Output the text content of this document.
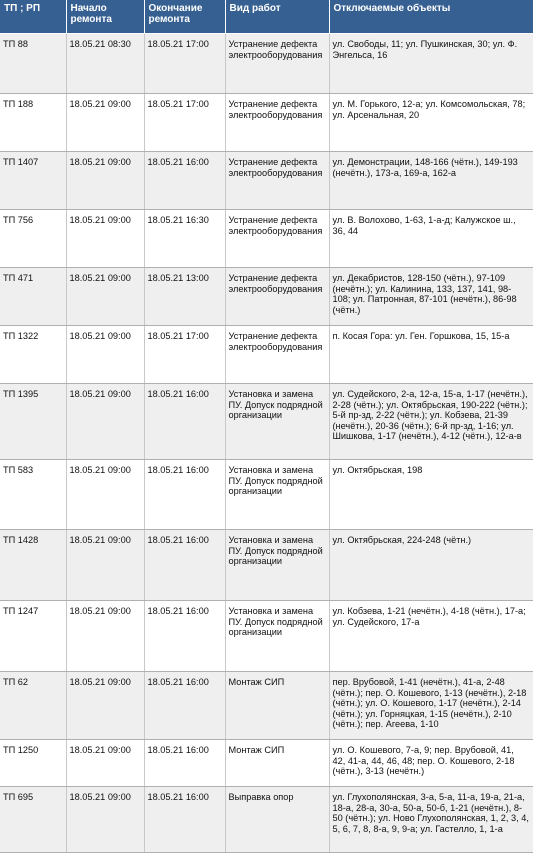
ТП ; РП	Начало ремонта	Окончание ремонта	Вид работ	Отключаемые объекты
ТП 88	18.05.21 08:30	18.05.21 17:00	Устранение дефекта электрооборудования	ул. Свободы, 11; ул. Пушкинская, 30; ул. Ф. Энгельса, 16
ТП 188	18.05.21 09:00	18.05.21 17:00	Устранение дефекта электрооборудования	ул. М. Горького, 12-а; ул. Комсомольская, 78; ул. Арсенальная, 20
ТП 1407	18.05.21 09:00	18.05.21 16:00	Устранение дефекта электрооборудования	ул. Демонстрации, 148-166 (чётн.), 149-193 (нечётн.), 173-а, 169-а, 162-а
ТП 756	18.05.21 09:00	18.05.21 16:30	Устранение дефекта электрооборудования	ул. В. Волохово, 1-63, 1-а-д; Калужское ш., 36, 44
ТП 471	18.05.21 09:00	18.05.21 13:00	Устранение дефекта электрооборудования	ул. Декабристов, 128-150 (чётн.), 97-109 (нечётн.); ул. Калинина, 133, 137, 141, 98-108; ул. Патронная, 87-101 (нечётн.), 86-98 (чётн.)
ТП 1322	18.05.21 09:00	18.05.21 17:00	Устранение дефекта электрооборудования	п. Косая Гора: ул. Ген. Горшкова, 15, 15-а
ТП 1395	18.05.21 09:00	18.05.21 16:00	Установка и замена ПУ. Допуск подрядной организации	ул. Судейского, 2-а, 12-а, 15-а, 1-17 (нечётн.), 2-28 (чётн.); ул. Октябрьская, 190-222 (чётн.); 5-й пр-зд, 2-22 (чётн.); ул. Кобзева, 21-39 (нечётн.), 20-36 (чётн.); 6-й пр-зд, 1-16; ул. Шишкова, 1-17 (нечётн.), 4-12 (чётн.), 12-а-в
ТП 583	18.05.21 09:00	18.05.21 16:00	Установка и замена ПУ. Допуск подрядной организации	ул. Октябрьская, 198
ТП 1428	18.05.21 09:00	18.05.21 16:00	Установка и замена ПУ. Допуск подрядной организации	ул. Октябрьская, 224-248 (чётн.)
ТП 1247	18.05.21 09:00	18.05.21 16:00	Установка и замена ПУ. Допуск подрядной организации	ул. Кобзева, 1-21 (нечётн.), 4-18 (чётн.), 17-а; ул. Судейского, 17-а
ТП 62	18.05.21 09:00	18.05.21 16:00	Монтаж СИП	пер. Врубовой, 1-41 (нечётн.), 41-а, 2-48 (чётн.); пер. О. Кошевого, 1-13 (нечётн.), 2-18 (чётн.); ул. О. Кошевого, 1-17 (нечётн.), 2-14 (чётн.); ул. Горняцкая, 1-15 (нечётн.), 2-10 (чётн.); пер. Агеева, 1-10
ТП 1250	18.05.21 09:00	18.05.21 16:00	Монтаж СИП	ул. О. Кошевого, 7-а, 9; пер. Врубовой, 41, 42, 41-а, 44, 46, 48; пер. О. Кошевого, 2-18 (чётн.), 3-13 (нечётн.)
ТП 695	18.05.21 09:00	18.05.21 16:00	Выправка опор	ул. Глухополянская, 3-а, 5-а, 11-а, 19-а, 21-а, 18-а, 28-а, 30-а, 50-а, 50-б, 1-21 (нечётн.), 8-50 (чётн.); ул. Ново Глухополянская, 1, 2, 3, 4, 5, 6, 7, 8, 8-а, 9, 9-а; ул. Гастелло, 1, 1-а
